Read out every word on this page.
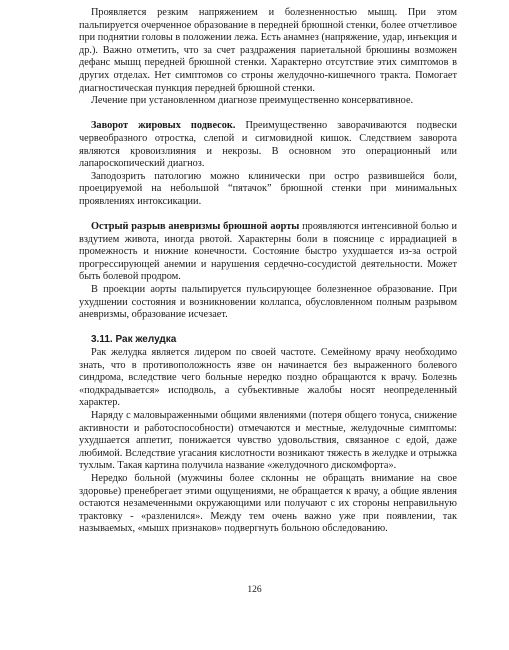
Проявляется резким напряжением и болезненностью мышц. При этом пальпируется очерченное образование в передней брюшной стенки, более отчетливое при поднятии головы в положении лежа. Есть анамнез (напряжение, удар, инъекция и др.). Важно отметить, что за счет раздражения париетальной брюшины возможен дефанс мышц передней брюшной стенки. Характерно отсутствие этих симптомов в других отделах. Нет симптомов со строны желудочно-кишечного тракта. Помогает диагностическая пункция передней брюшной стенки.

Лечение при установленном диагнозе преимущественно консервативное.

Заворот жировых подвесок. Преимущественно заворачиваются подвески червеобразного отростка, слепой и сигмовидной кишок. Следствием заворота являются кровоизлияния и некрозы. В основном это операционный или лапароскопический диагноз.

Заподозрить патологию можно клинически при остро развившейся боли, проецируемой на небольшой “пятачок” брюшной стенки при минимальных проявлениях интоксикации.

Острый разрыв аневризмы брюшной аорты проявляются интенсивной болью и вздутием живота, иногда рвотой. Характерны боли в пояснице с иррадиацией в промежность и нижние конечности. Состояние быстро ухудшается из-за острой прогрессирующей анемии и нарушения сердечно-сосудистой деятельности. Может быть болевой продром.

В проекции аорты пальпируется пульсирующее болезненное образование. При ухудшении состояния и возникновении коллапса, обусловленном полным разрывом аневризмы, образование исчезает.

3.11. Рак желудка

Рак желудка является лидером по своей частоте. Семейному врачу необходимо знать, что в противоположность язве он начинается без выраженного болевого синдрома, вследствие чего больные нередко поздно обращаются к врачу. Болезнь «подкрадывается» исподволь, а субъективные жалобы носят неопределенный характер.

Наряду с маловыраженными общими явлениями (потеря общего тонуса, снижение активности и работоспособности) отмечаются и местные, желудочные симптомы: ухудшается аппетит, понижается чувство удовольствия, связанное с едой, даже любимой. Вследствие угасания кислотности возникают тяжесть в желудке и отрыжка тухлым. Такая картина получила название «желудочного дискомфорта».

Нередко больной (мужчины более склонны не обращать внимание на свое здоровье) пренебрегает этими ощущениями, не обращается к врачу, а общие явления остаются незамеченными окружающими или получают с их стороны неправильную трактовку - «разленился». Между тем очень важно уже при появлении, так называемых, «мышх признаков» подвергнуть больною обследованию.

126
